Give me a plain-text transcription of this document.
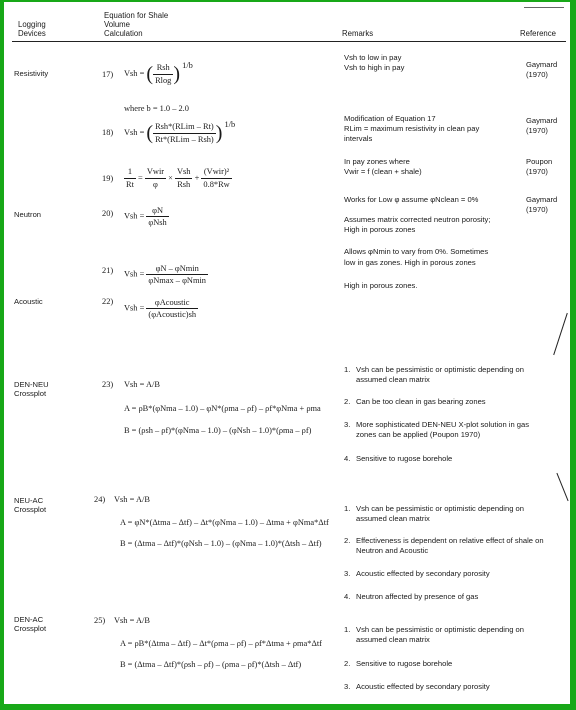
Logging
Devices
Equation for Shale
Volume
Calculation	Remarks	Reference
Resistivity
Neutron
Acoustic
DEN-NEU
Crossplot
NEU-AC
Crossplot
DEN-AC
Crossplot
17) Vsh = ( $\frac{\text{Rsh}}{Rlog}$ ) 1/b
where b = 1.0 – 2.0
18) Vsh = ( $\frac{\text{Rsh*(RLim – Rt)}}{\text{Rt*(RLim – Rsh)}}$ ) 1/b
$19) \frac{1}{Rt} = \frac{\text{Vwir}}{\varphi} \times \frac{\text{Vsh}}{\text{Rsh}} + \frac{\text{(Vwir)²}}{0.8*Rw}$
20) Vsh = $\frac{\varphi N}{\text{φNsh}}$
21) Vsh = $\frac{\varphi N - \varphi Nmin}{\varphi Nmax - \varphi Nmin}$
22)
Vsh = $\frac{\text{φAcoustic}}{\text{(φAcoustic)sh}}$
23) Vsh = A/B
A = ρB*(φNma – 1.0) – φN*(ρma – ρf) – ρf*φNma + ρma
B = (ρsh – ρf)*(φNma – 1.0) – (φNsh – 1.0)*(ρma – ρf)
24) Vsh = A/B
A = φN*(Δtma – Δtf) – Δt*(φNma – 1.0) – Δtma + φNma*Δtf
B = (Δtma – Δtf)*(φNsh – 1.0) – (φNma – 1.0)*(Δtsh – Δtf)
25) Vsh = A/B
A = ρB*(Δtma – Δtf) – Δt*(ρma – ρf) – ρf*Δtma + ρma*Δtf
B = (Δtma – Δtf)*(ρsh – ρf) – (ρma – ρf)*(Δtsh – Δtf)
Vsh to low in pay
Vsh to high in pay
Modification of Equation 17
RLim = maximum resistivity in clean pay
intervals
In pay zones where
Vwir = f (clean + shale)
Works for Low φ assume φNclean = 0%
Assumes matrix corrected neutron porosity;
High in porous zones
Allows φNmin to vary from 0%. Sometimes
low in gas zones. High in porous zones
High in porous zones.
1. Vsh can be pessimistic or optimistic depending on
assumed clean matrix
2. Can be too clean in gas bearing zones
3. More sophisticated DEN-NEU X-plot solution in gas
zones can be applied (Poupon 1970)
4. Sensitive to rugose borehole
1. Vsh can be pessimistic or optimistic depending on
assumed clean matrix
2. Effectiveness is dependent on relative effect of shale on
Neutron and Acoustic
3. Acoustic effected by secondary porosity
4. Neutron affected by presence of gas
1. Vsh can be pessimistic or optimistic depending on
assumed clean matrix
2. Sensitive to rugose borehole
3. Acoustic effected by secondary porosity
Gaymard
(1970)
Gaymard
(1970)
Poupon
(1970)
Gaymard
(1970)
